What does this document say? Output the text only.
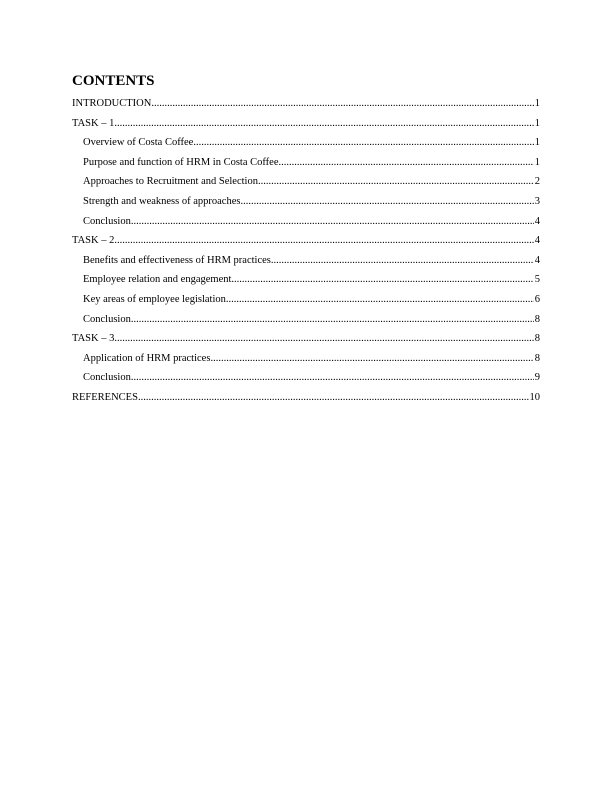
CONTENTS
INTRODUCTION .....	1
TASK – 1 .....	1
Overview of Costa Coffee .....	1
Purpose and function of HRM in Costa Coffee .....	1
Approaches to Recruitment and Selection .....	2
Strength and weakness of approaches .....	3
Conclusion .....	4
TASK – 2 .....	4
Benefits and effectiveness of HRM practices .....	4
Employee relation and engagement .....	5
Key areas of employee legislation .....	6
Conclusion .....	8
TASK – 3 .....	8
Application of HRM practices .....	8
Conclusion .....	9
REFERENCES .....	10
